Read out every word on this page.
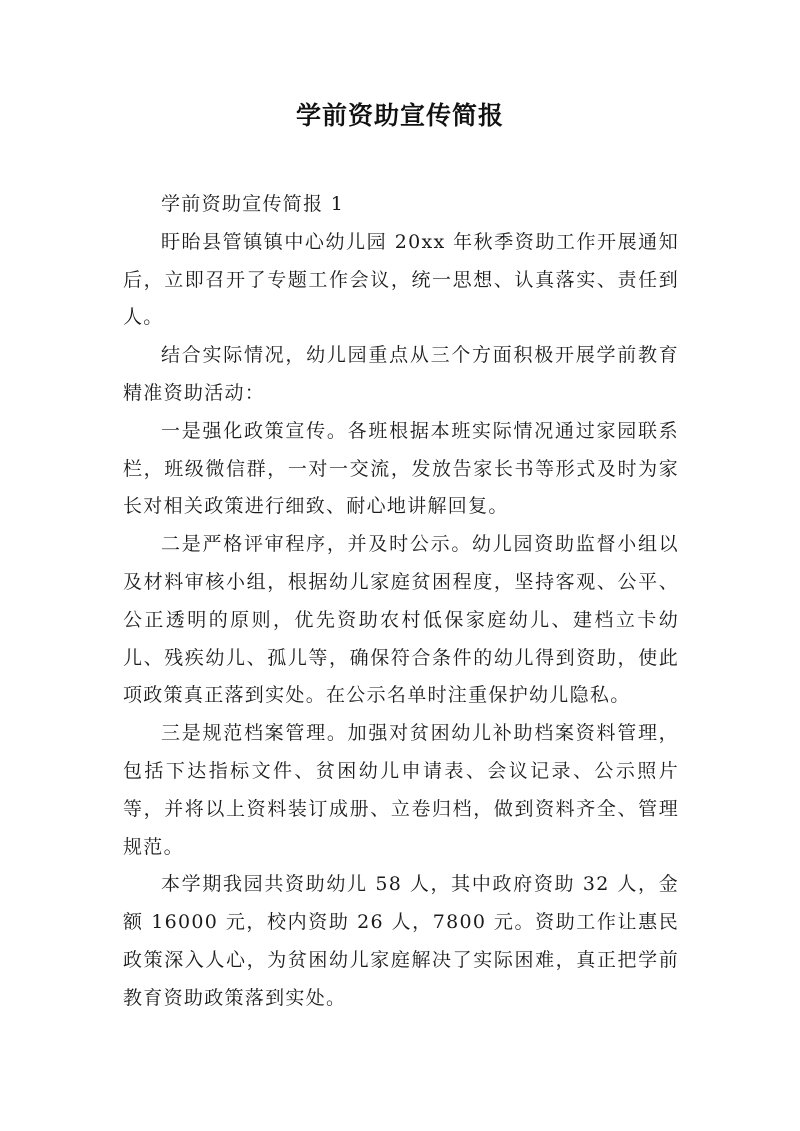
学前资助宣传简报

学前资助宣传简报 1

盱眙县管镇镇中心幼儿园 20xx 年秋季资助工作开展通知后，立即召开了专题工作会议，统一思想、认真落实、责任到人。

结合实际情况，幼儿园重点从三个方面积极开展学前教育精准资助活动：

一是强化政策宣传。各班根据本班实际情况通过家园联系栏，班级微信群，一对一交流，发放告家长书等形式及时为家长对相关政策进行细致、耐心地讲解回复。

二是严格评审程序，并及时公示。幼儿园资助监督小组以及材料审核小组，根据幼儿家庭贫困程度，坚持客观、公平、公正透明的原则，优先资助农村低保家庭幼儿、建档立卡幼儿、残疾幼儿、孤儿等，确保符合条件的幼儿得到资助，使此项政策真正落到实处。在公示名单时注重保护幼儿隐私。

三是规范档案管理。加强对贫困幼儿补助档案资料管理，包括下达指标文件、贫困幼儿申请表、会议记录、公示照片等，并将以上资料装订成册、立卷归档，做到资料齐全、管理规范。

本学期我园共资助幼儿 58 人，其中政府资助 32 人，金额 16000 元，校内资助 26 人，7800 元。资助工作让惠民政策深入人心，为贫困幼儿家庭解决了实际困难，真正把学前教育资助政策落到实处。
